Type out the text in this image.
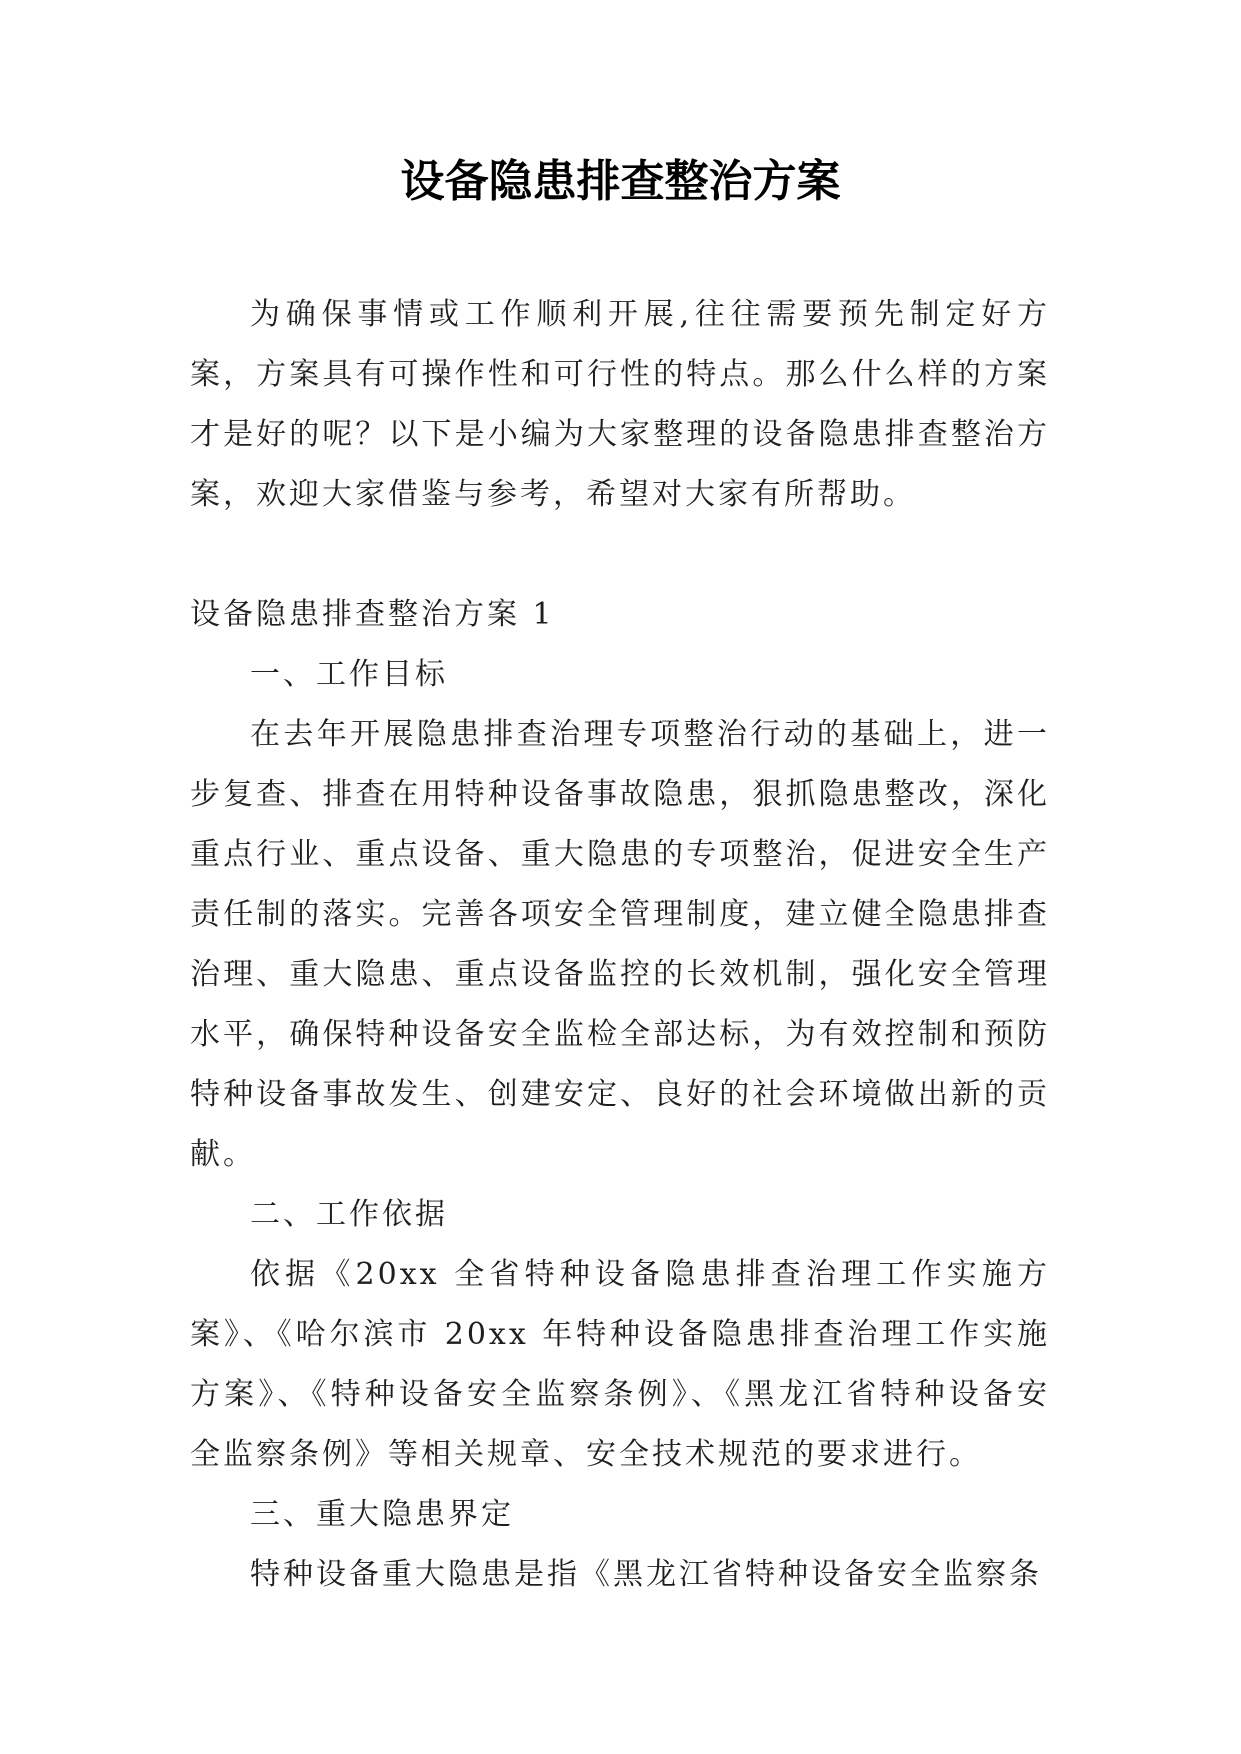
设备隐患排查整治方案

为确保事情或工作顺利开展,往往需要预先制定好方案，方案具有可操作性和可行性的特点。那么什么样的方案才是好的呢？以下是小编为大家整理的设备隐患排查整治方案，欢迎大家借鉴与参考，希望对大家有所帮助。

设备隐患排查整治方案 1

一、工作目标

在去年开展隐患排查治理专项整治行动的基础上，进一步复查、排查在用特种设备事故隐患，狠抓隐患整改，深化重点行业、重点设备、重大隐患的专项整治，促进安全生产责任制的落实。完善各项安全管理制度，建立健全隐患排查治理、重大隐患、重点设备监控的长效机制，强化安全管理水平，确保特种设备安全监检全部达标，为有效控制和预防特种设备事故发生、创建安定、良好的社会环境做出新的贡献。

二、工作依据

依据《20xx 全省特种设备隐患排查治理工作实施方案》、《哈尔滨市 20xx 年特种设备隐患排查治理工作实施方案》、《特种设备安全监察条例》、《黑龙江省特种设备安全监察条例》等相关规章、安全技术规范的要求进行。

三、重大隐患界定

特种设备重大隐患是指《黑龙江省特种设备安全监察条
